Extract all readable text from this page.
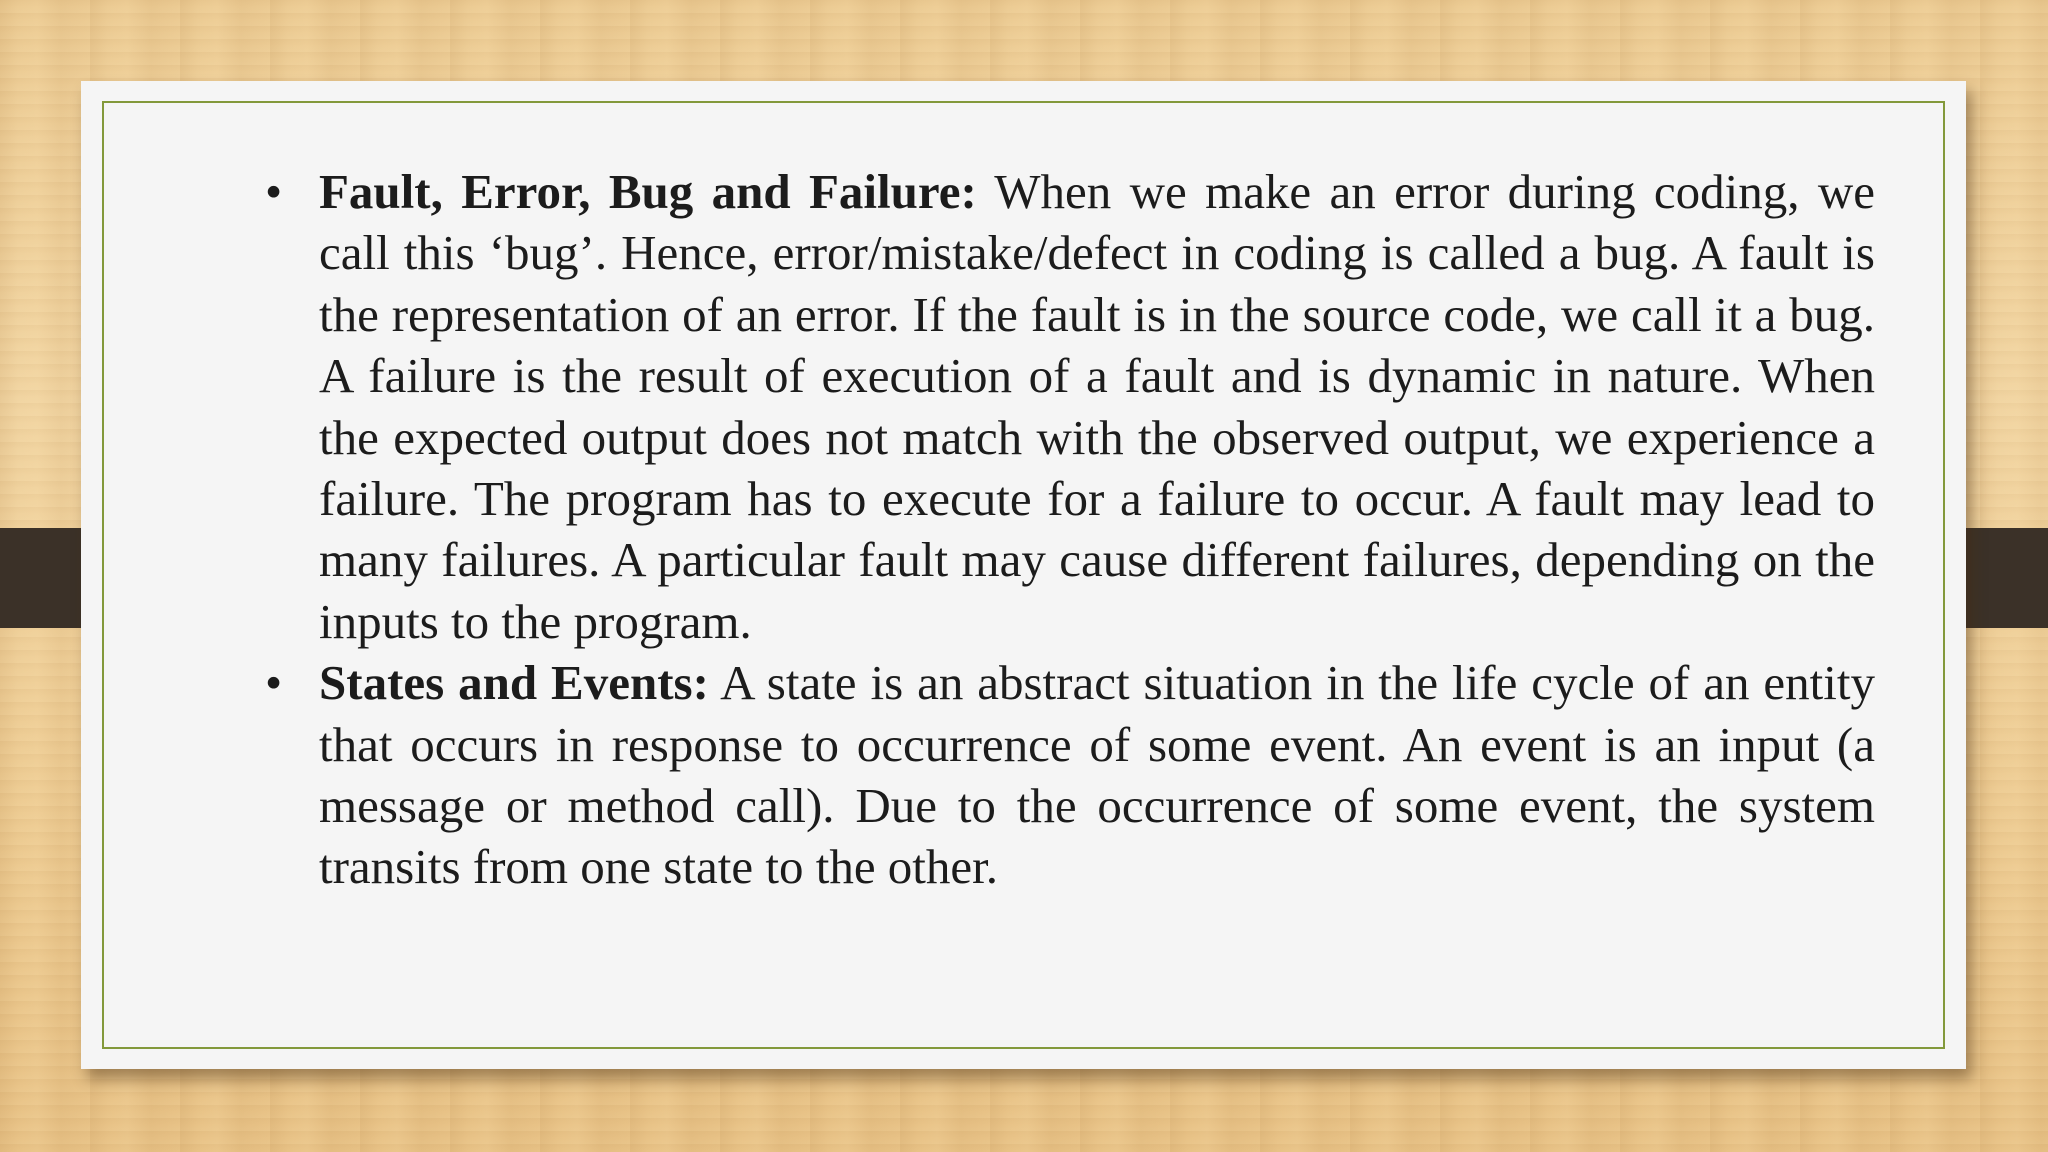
• Fault, Error, Bug and Failure: When we make an error during coding, we call this ‘bug’. Hence, error/mistake/defect in coding is called a bug. A fault is the representation of an error. If the fault is in the source code, we call it a bug. A failure is the result of execution of a fault and is dynamic in nature. When the expected output does not match with the observed output, we experience a failure. The program has to execute for a failure to occur. A fault may lead to many failures. A particular fault may cause different failures, depending on the inputs to the program.
• States and Events: A state is an abstract situation in the life cycle of an entity that occurs in response to occurrence of some event. An event is an input (a message or method call). Due to the occurrence of some event, the system transits from one state to the other.
